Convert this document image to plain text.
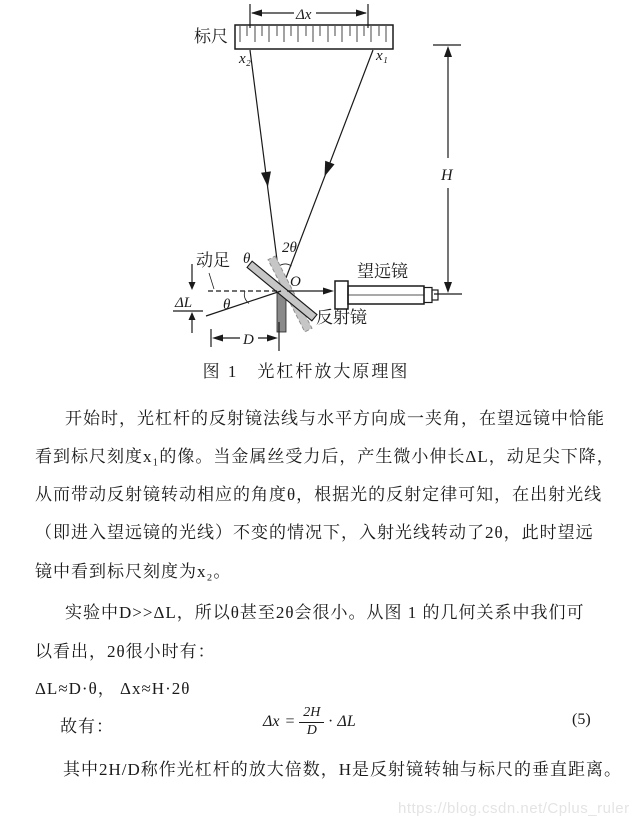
标尺
Δx
x₂	x₁
2θ
H
θ
O
θ
动足
ΔL
D
望远镜
反射镜
图 1　光杠杆放大原理图
开始时，光杠杆的反射镜法线与水平方向成一夹角，在望远镜中恰能
看到标尺刻度x₁的像。当金属丝受力后，产生微小伸长ΔL，动足尖下降，
从而带动反射镜转动相应的角度θ，根据光的反射定律可知，在出射光线
（即进入望远镜的光线）不变的情况下，入射光线转动了2θ，此时望远
镜中看到标尺刻度为x₂。
实验中D>>ΔL，所以θ甚至2θ会很小。从图 1 的几何关系中我们可
以看出，2θ很小时有：
ΔL≈D·θ， Δx≈H·2θ
其中2H/D称作光杠杆的放大倍数，H是反射镜转轴与标尺的垂直距离。
故有：	$\Delta x = \frac{2H}{D} \cdot \Delta L$	(5)
https://blog.csdn.net/Cplus_ruler
